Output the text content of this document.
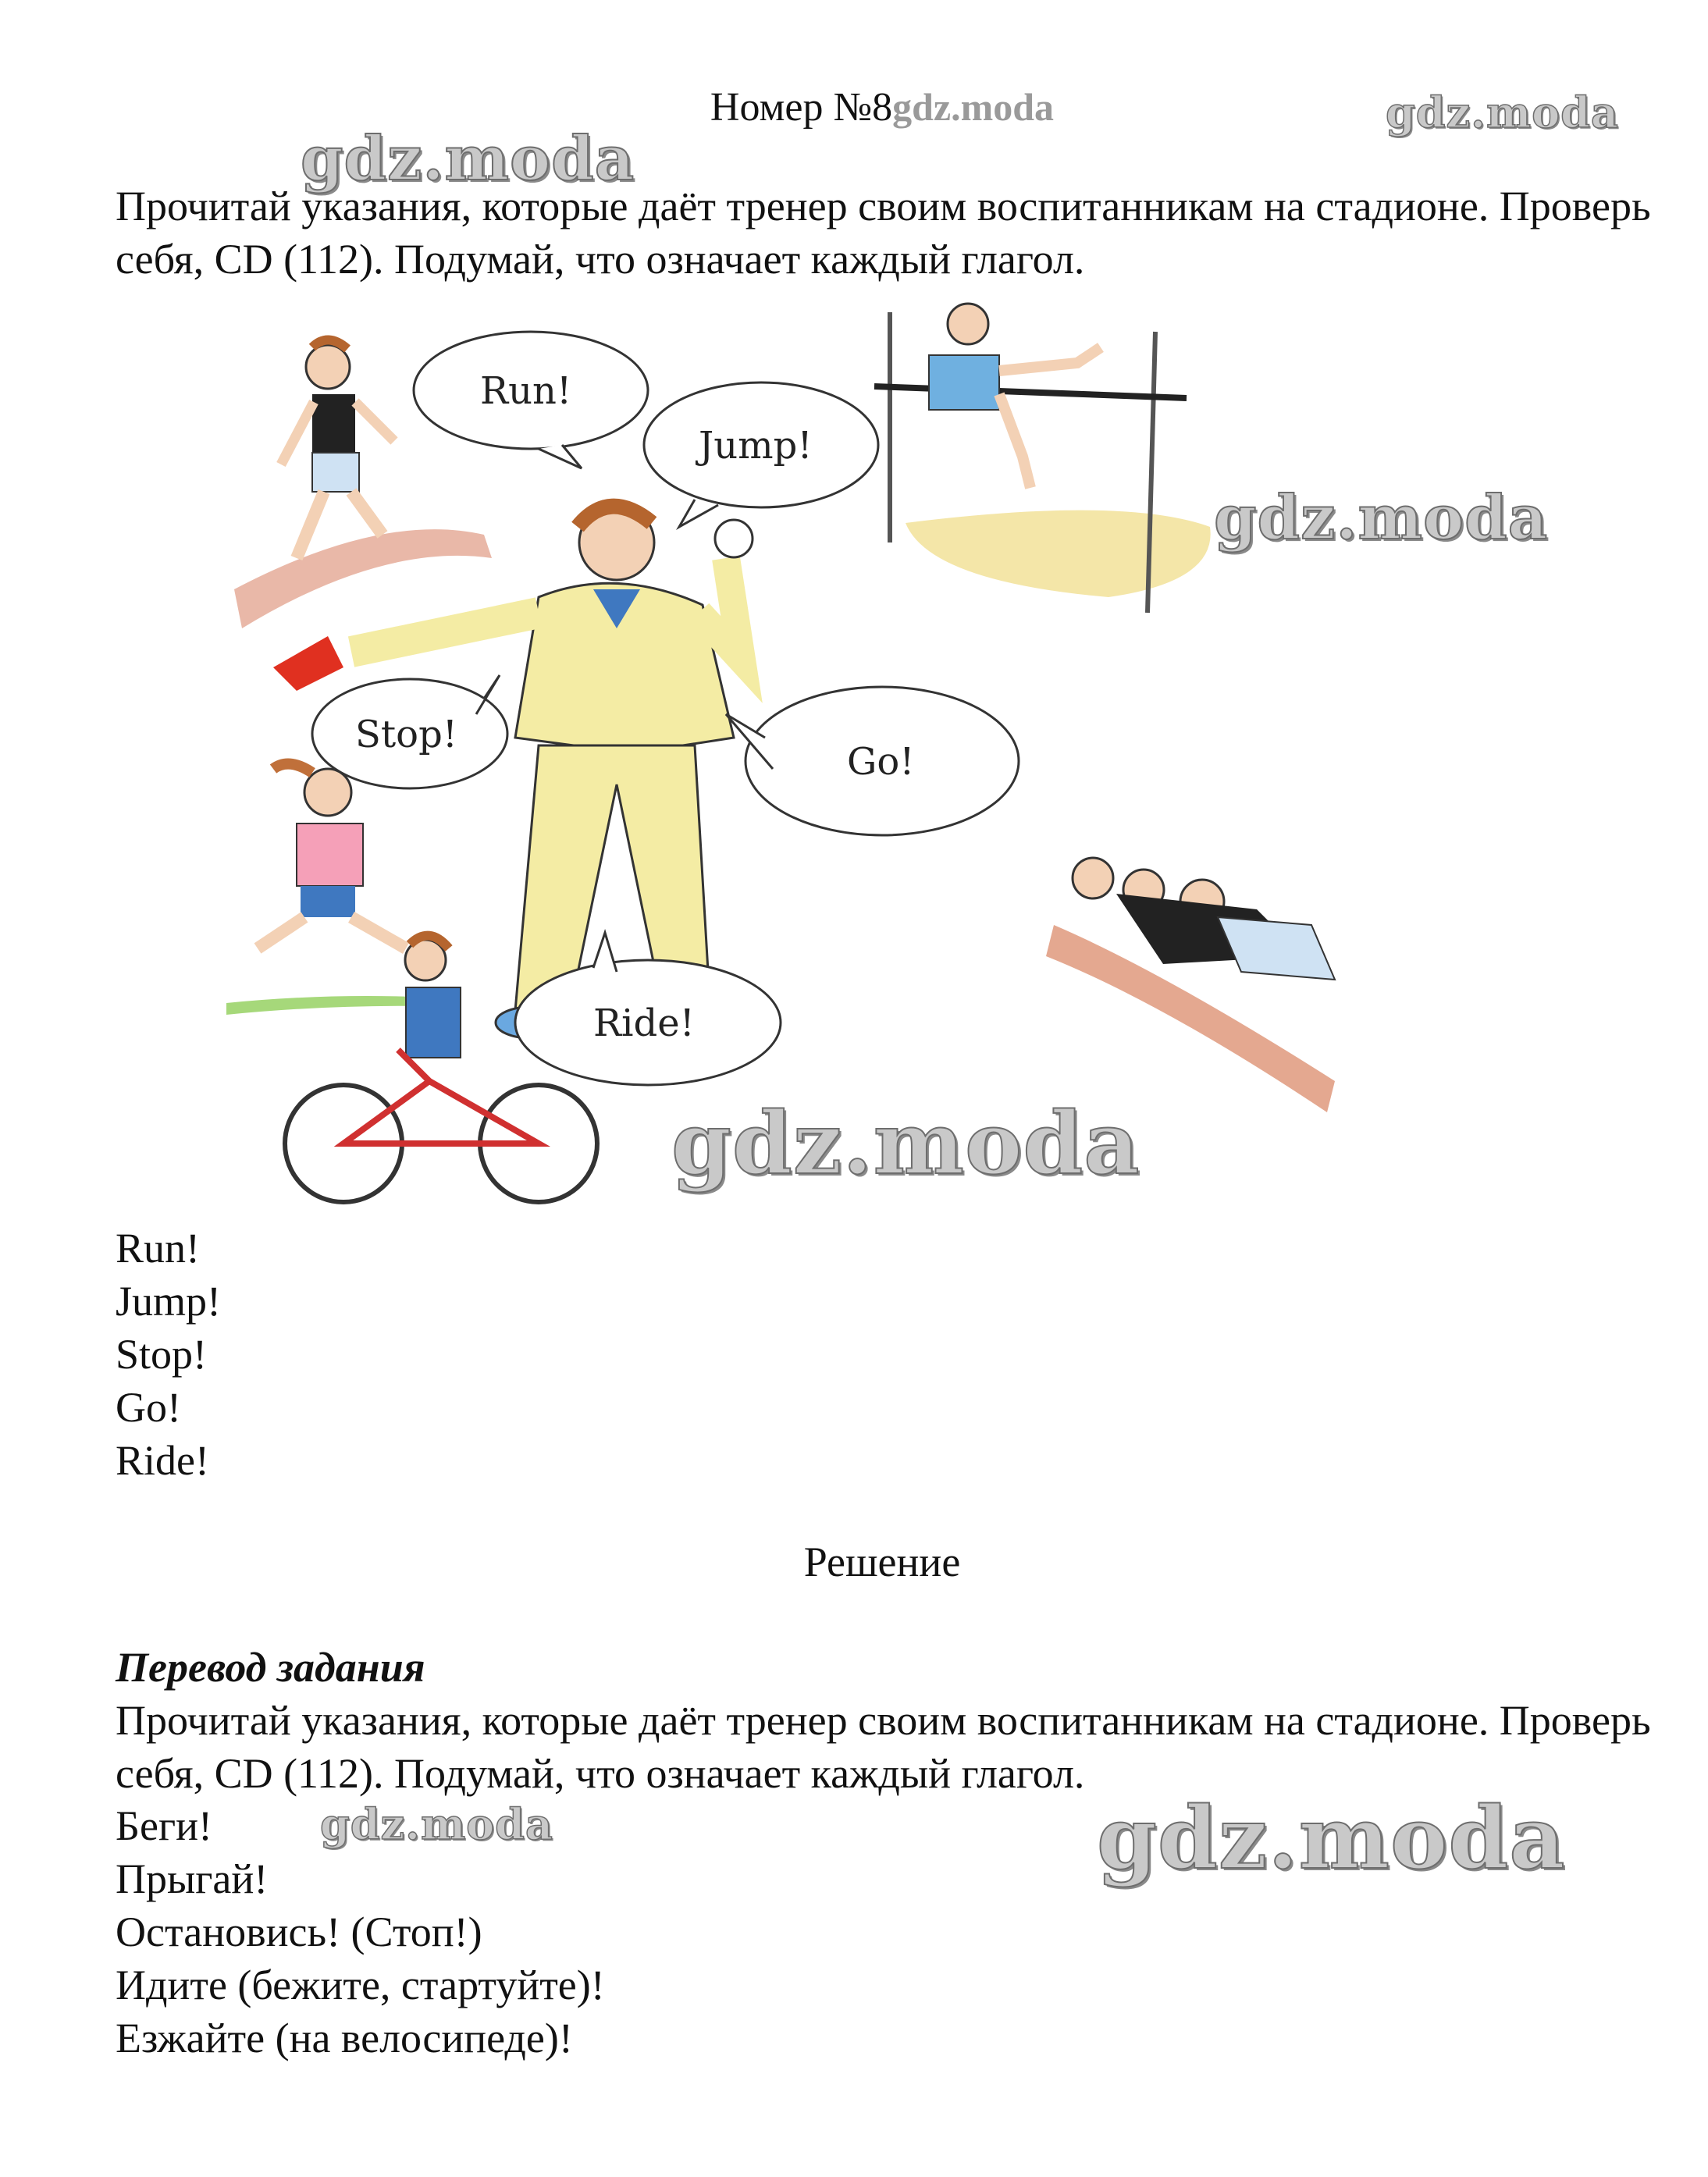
Номер №8gdz.moda	gdz.moda
gdz.moda
Прочитай указания, которые даёт тренер своим воспитанникам на стадионе. Проверь себя, CD (112). Подумай, что означает каждый глагол.
Run!
Jump!
Stop!
Go!
Ride!
gdz.moda
gdz.moda
Run!
Jump!
Stop!
Go!
Ride!
Решение
Перевод задания
Прочитай указания, которые даёт тренер своим воспитанникам на стадионе. Проверь себя, CD (112). Подумай, что означает каждый глагол.
Беги!
Прыгай!
Остановись! (Стоп!)
Идите (бежите, стартуйте)!
Езжайте (на велосипеде)!
gdz.moda	gdz.moda
